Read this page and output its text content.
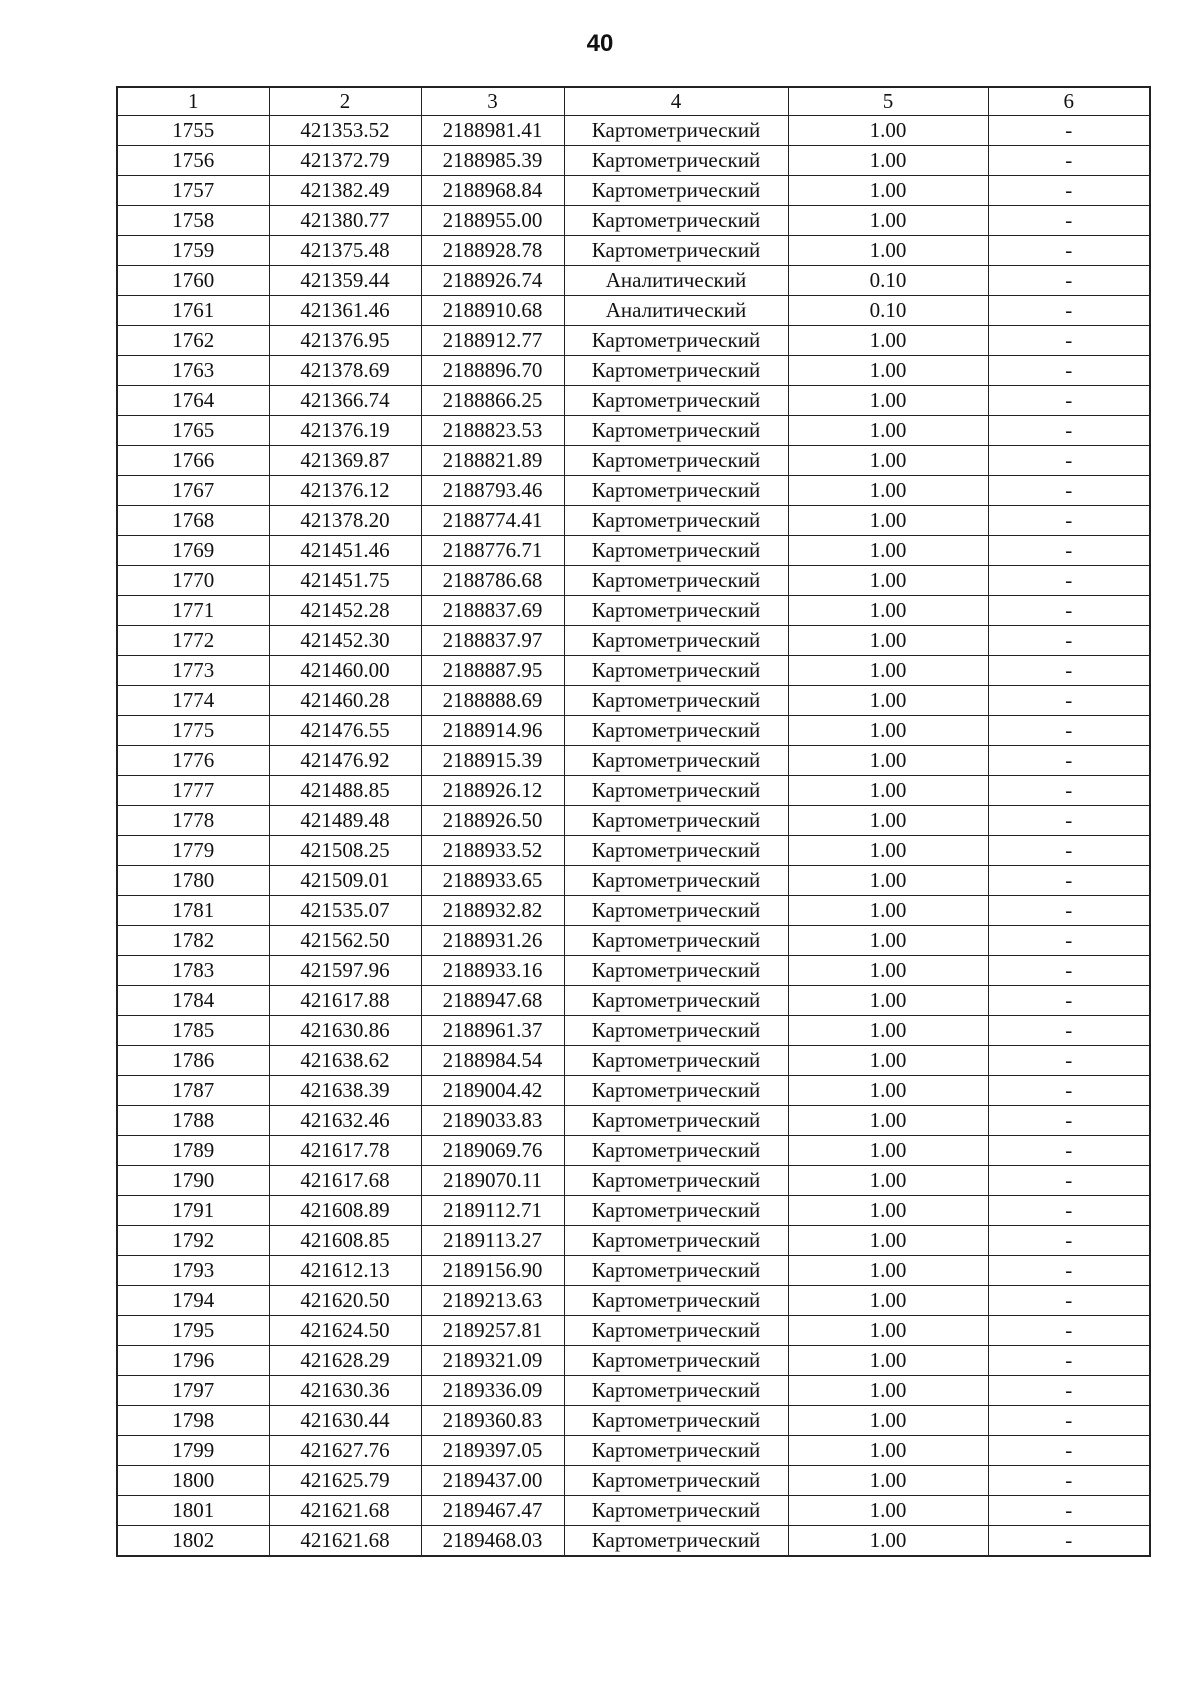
40
1	2	3	4	5	6
1755	421353.52	2188981.41	Картометрический	1.00	-
1756	421372.79	2188985.39	Картометрический	1.00	-
1757	421382.49	2188968.84	Картометрический	1.00	-
1758	421380.77	2188955.00	Картометрический	1.00	-
1759	421375.48	2188928.78	Картометрический	1.00	-
1760	421359.44	2188926.74	Аналитический	0.10	-
1761	421361.46	2188910.68	Аналитический	0.10	-
1762	421376.95	2188912.77	Картометрический	1.00	-
1763	421378.69	2188896.70	Картометрический	1.00	-
1764	421366.74	2188866.25	Картометрический	1.00	-
1765	421376.19	2188823.53	Картометрический	1.00	-
1766	421369.87	2188821.89	Картометрический	1.00	-
1767	421376.12	2188793.46	Картометрический	1.00	-
1768	421378.20	2188774.41	Картометрический	1.00	-
1769	421451.46	2188776.71	Картометрический	1.00	-
1770	421451.75	2188786.68	Картометрический	1.00	-
1771	421452.28	2188837.69	Картометрический	1.00	-
1772	421452.30	2188837.97	Картометрический	1.00	-
1773	421460.00	2188887.95	Картометрический	1.00	-
1774	421460.28	2188888.69	Картометрический	1.00	-
1775	421476.55	2188914.96	Картометрический	1.00	-
1776	421476.92	2188915.39	Картометрический	1.00	-
1777	421488.85	2188926.12	Картометрический	1.00	-
1778	421489.48	2188926.50	Картометрический	1.00	-
1779	421508.25	2188933.52	Картометрический	1.00	-
1780	421509.01	2188933.65	Картометрический	1.00	-
1781	421535.07	2188932.82	Картометрический	1.00	-
1782	421562.50	2188931.26	Картометрический	1.00	-
1783	421597.96	2188933.16	Картометрический	1.00	-
1784	421617.88	2188947.68	Картометрический	1.00	-
1785	421630.86	2188961.37	Картометрический	1.00	-
1786	421638.62	2188984.54	Картометрический	1.00	-
1787	421638.39	2189004.42	Картометрический	1.00	-
1788	421632.46	2189033.83	Картометрический	1.00	-
1789	421617.78	2189069.76	Картометрический	1.00	-
1790	421617.68	2189070.11	Картометрический	1.00	-
1791	421608.89	2189112.71	Картометрический	1.00	-
1792	421608.85	2189113.27	Картометрический	1.00	-
1793	421612.13	2189156.90	Картометрический	1.00	-
1794	421620.50	2189213.63	Картометрический	1.00	-
1795	421624.50	2189257.81	Картометрический	1.00	-
1796	421628.29	2189321.09	Картометрический	1.00	-
1797	421630.36	2189336.09	Картометрический	1.00	-
1798	421630.44	2189360.83	Картометрический	1.00	-
1799	421627.76	2189397.05	Картометрический	1.00	-
1800	421625.79	2189437.00	Картометрический	1.00	-
1801	421621.68	2189467.47	Картометрический	1.00	-
1802	421621.68	2189468.03	Картометрический	1.00	-
